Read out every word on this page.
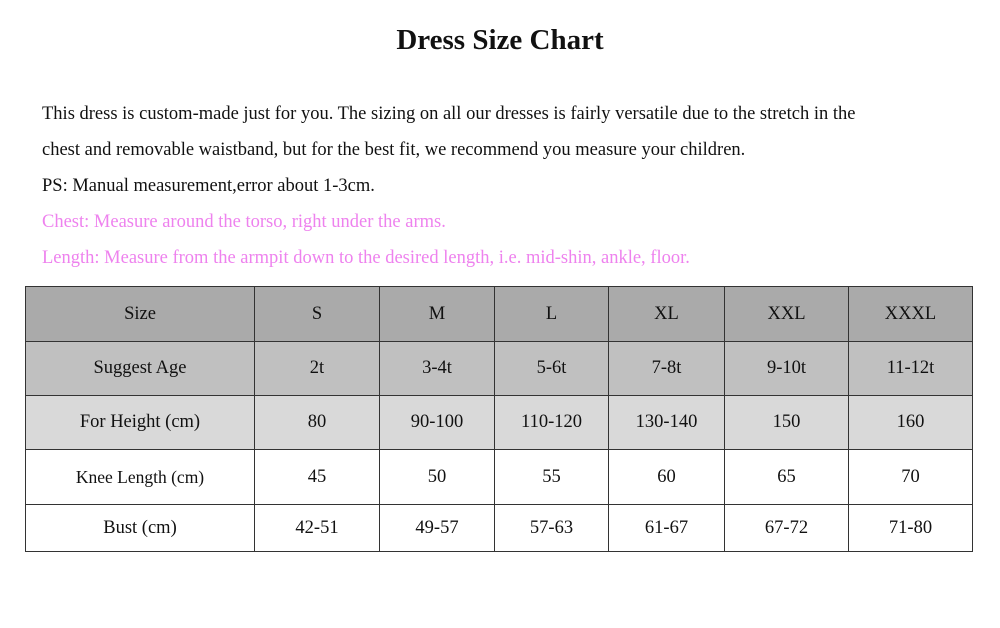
Dress Size Chart

This dress is custom-made just for you. The sizing on all our dresses is fairly versatile due to the stretch in the

chest and removable waistband, but for the best fit, we recommend you measure your children.

PS: Manual measurement,error about 1-3cm.

Chest: Measure around the torso, right under the arms.

Length: Measure from the armpit down to the desired length, i.e. mid-shin, ankle, floor.

Size	S	M	L	XL	XXL	XXXL
Suggest Age	2t	3-4t	5-6t	7-8t	9-10t	11-12t
For Height (cm)	80	90-100	110-120	130-140	150	160
Knee Length (cm)	45	50	55	60	65	70
Bust (cm)	42-51	49-57	57-63	61-67	67-72	71-80
